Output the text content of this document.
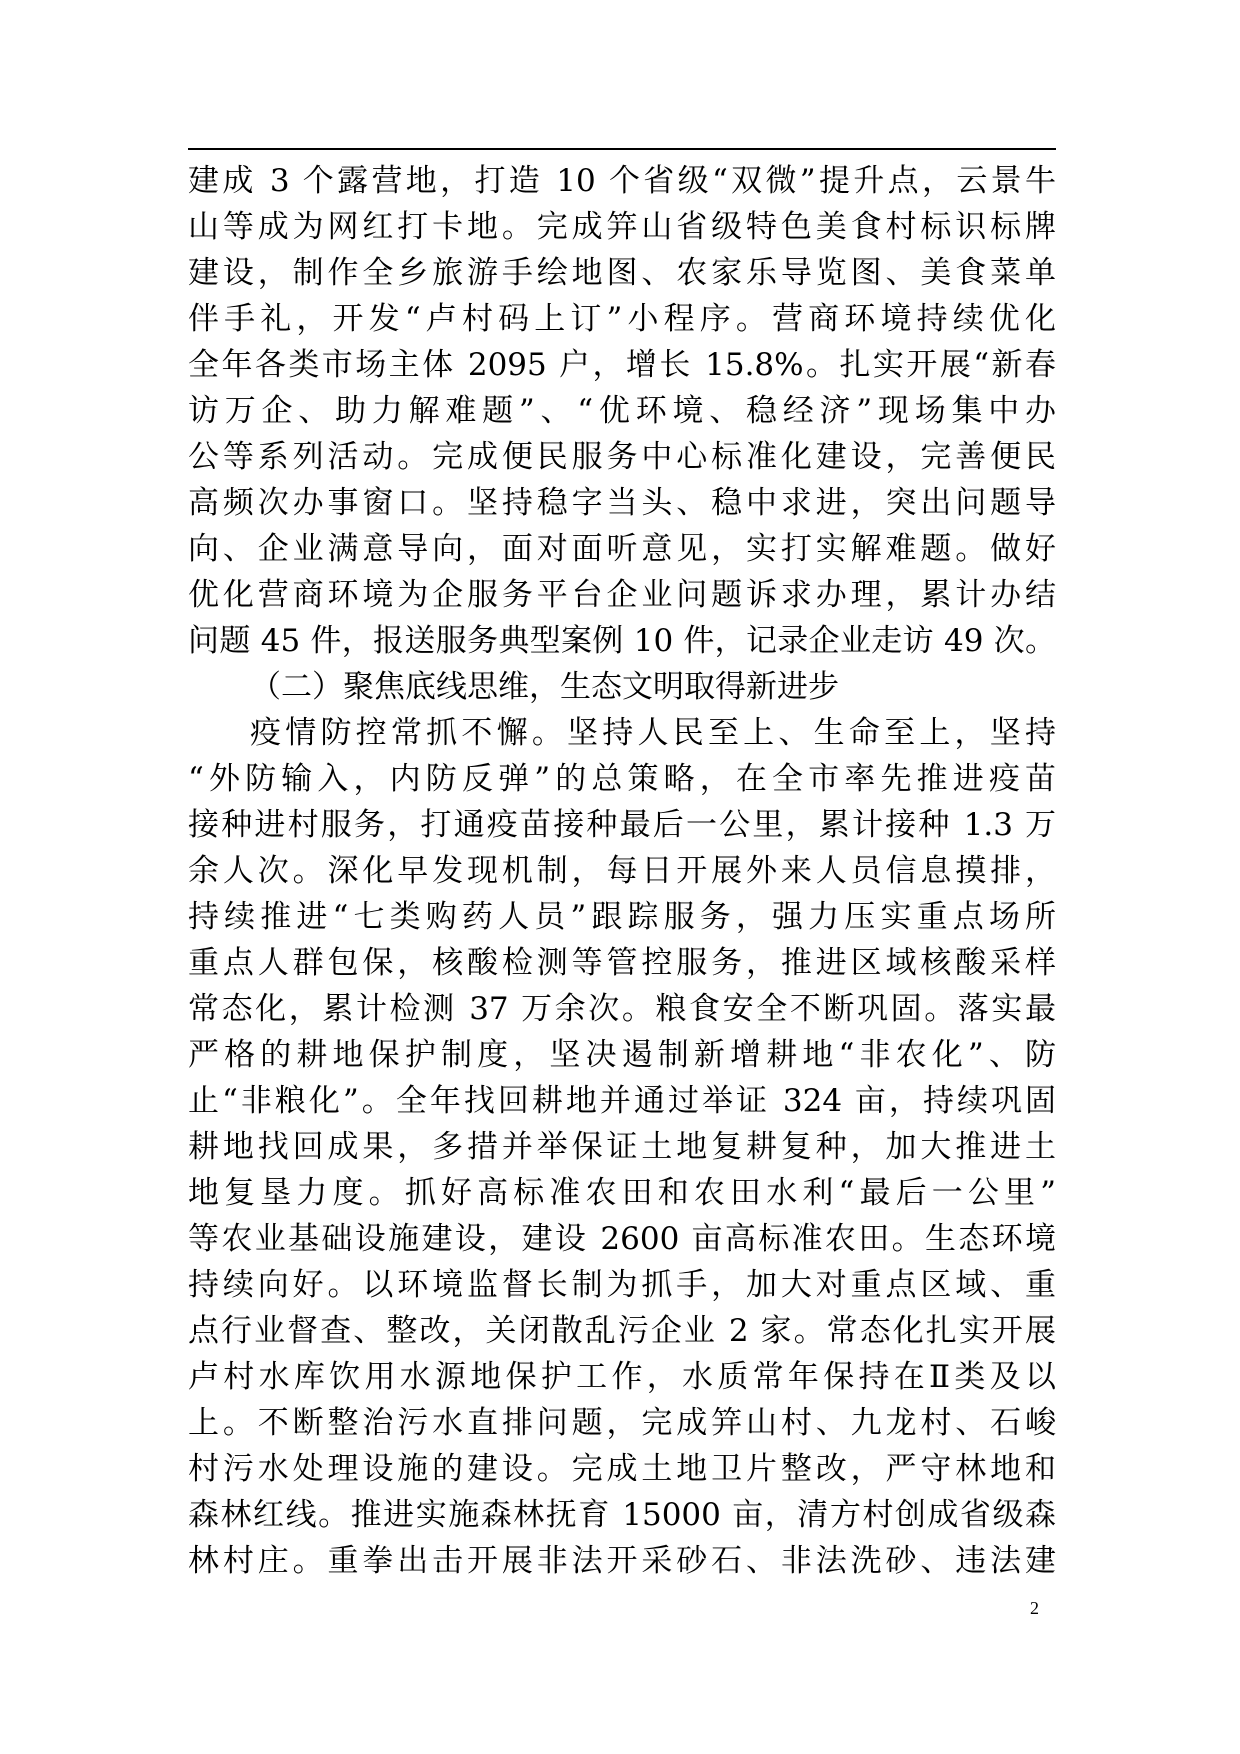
建成 3 个露营地，打造 10 个省级“双微”提升点，云景牛
山等成为网红打卡地。完成笄山省级特色美食村标识标牌
建设，制作全乡旅游手绘地图、农家乐导览图、美食菜单
伴手礼，开发“卢村码上订”小程序。营商环境持续优化
全年各类市场主体 2095 户，增长 15.8%。扎实开展“新春
访万企、助力解难题”、“优环境、稳经济”现场集中办
公等系列活动。完成便民服务中心标准化建设，完善便民
高频次办事窗口。坚持稳字当头、稳中求进，突出问题导
向、企业满意导向，面对面听意见，实打实解难题。做好
优化营商环境为企服务平台企业问题诉求办理，累计办结
问题 45 件，报送服务典型案例 10 件，记录企业走访 49 次。
（二）聚焦底线思维，生态文明取得新进步
疫情防控常抓不懈。坚持人民至上、生命至上，坚持
“外防输入，内防反弹”的总策略，在全市率先推进疫苗
接种进村服务，打通疫苗接种最后一公里，累计接种 1.3 万
余人次。深化早发现机制，每日开展外来人员信息摸排，
持续推进“七类购药人员”跟踪服务，强力压实重点场所
重点人群包保，核酸检测等管控服务，推进区域核酸采样
常态化，累计检测 37 万余次。粮食安全不断巩固。落实最
严格的耕地保护制度，坚决遏制新增耕地“非农化”、防
止“非粮化”。全年找回耕地并通过举证 324 亩，持续巩固
耕地找回成果，多措并举保证土地复耕复种，加大推进土
地复垦力度。抓好高标准农田和农田水利“最后一公里”
等农业基础设施建设，建设 2600 亩高标准农田。生态环境
持续向好。以环境监督长制为抓手，加大对重点区域、重
点行业督查、整改，关闭散乱污企业 2 家。常态化扎实开展
卢村水库饮用水源地保护工作，水质常年保持在Ⅱ类及以
上。不断整治污水直排问题，完成笄山村、九龙村、石峻
村污水处理设施的建设。完成土地卫片整改，严守林地和
森林红线。推进实施森林抚育 15000 亩，清方村创成省级森
林村庄。重拳出击开展非法开采砂石、非法洗砂、违法建
2
